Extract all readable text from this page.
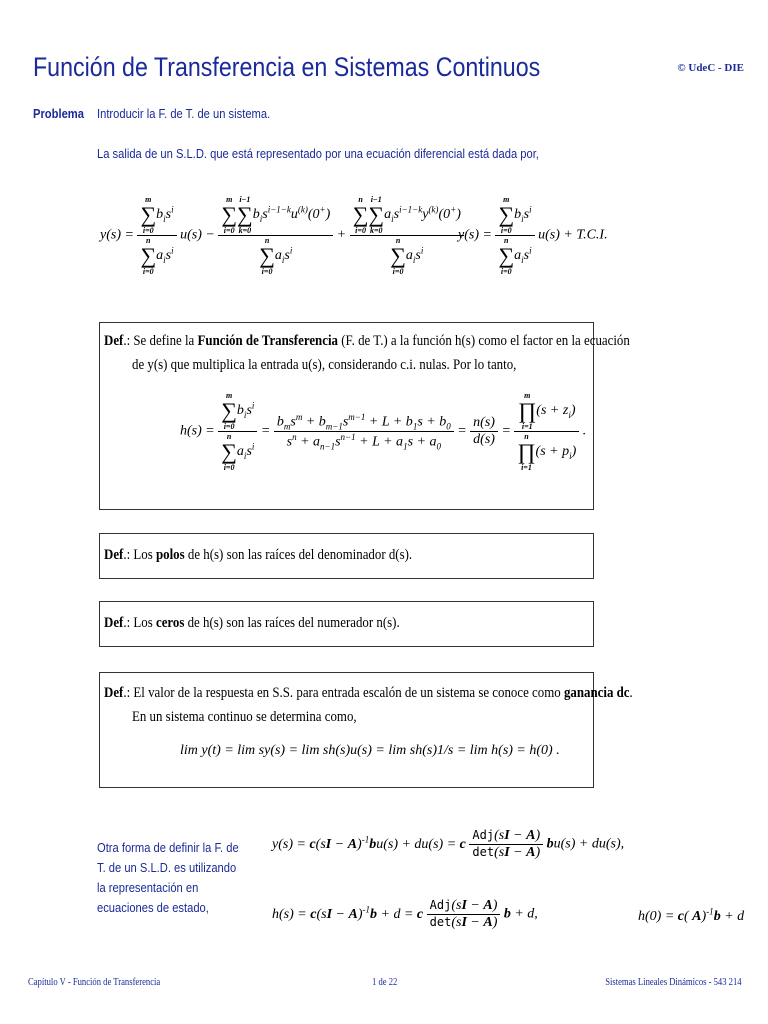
Función de Transferencia en Sistemas Continuos	© UdeC - DIE
Problema Introducir la F. de T. de un sistema.
La salida de un S.L.D. que está representado por una ecuación diferencial está dada por,
y(s) = m
∑
i=0
$b_is^i$
n
∑
i=0
$a_is^i$ u(s) − m
∑
i=0
i−1
∑
k=0
$b_is^{i-1-k}u^{(k)}(0^+)$
n
∑
i=0
$a_is^i + n$
∑
i=0
i−1
∑
k=0
$a_is^{i-1-k}y^{(k)}(0^+)$
n
∑
i=0
$a_is^i$
y(s) = m
∑
i=0
$b_is^i$
n
∑
i=0
$a_is^i$ u(s) + T.C.I.
Def.: Se define la Función de Transferencia (F. de T.) a la función h(s) como el factor en la ecuación
de y(s) que multiplica la entrada u(s), considerando c.i. nulas. Por lo tanto,
h(s) = m
∑
i=0
$b_is^i$
n
∑
i=0
$a_is^i = \frac{b_ms^m + b_{m-1}s^{m-1} + L + b_1s + b_0}{s^n + a_{n-1}s^{n-1} + L + a_1s + a_0} = \frac{n(s)}{d(s)} = m$
∏
i=1
$(s + z_i)$
n
∏
i=1
$(s + p_i)$ .
Def.: Los polos de h(s) son las raíces del denominador d(s).
Def.: Los ceros de h(s) son las raíces del numerador n(s).
Def.: El valor de la respuesta en S.S. para entrada escalón de un sistema se conoce como ganancia dc.
En un sistema continuo se determina como,
lim y(t) = lim sy(s) = lim sh(s)u(s) = lim sh(s)1/s = lim h(s) = h(0) .
Otra forma de definir la F. de T. de un S.L.D. es utilizando la representación en ecuaciones de estado,
y(s) = c(sI − A)$^{-1}$bu(s) + du(s) = c $\frac{\text{Adj(sI − A)}}{\det(sI - A)} bu(s) + du(s)$,
h(s) = c(sI − A)$^{-1}$b + d = c $\frac{\text{Adj(sI − A)}}{\det(sI - A)}$ b + d,	h(0) = c( A)$^{-1}$b + d
Capítulo V - Función de Transferencia	1 de 22	Sistemas Lineales Dinámicos - 543 214
